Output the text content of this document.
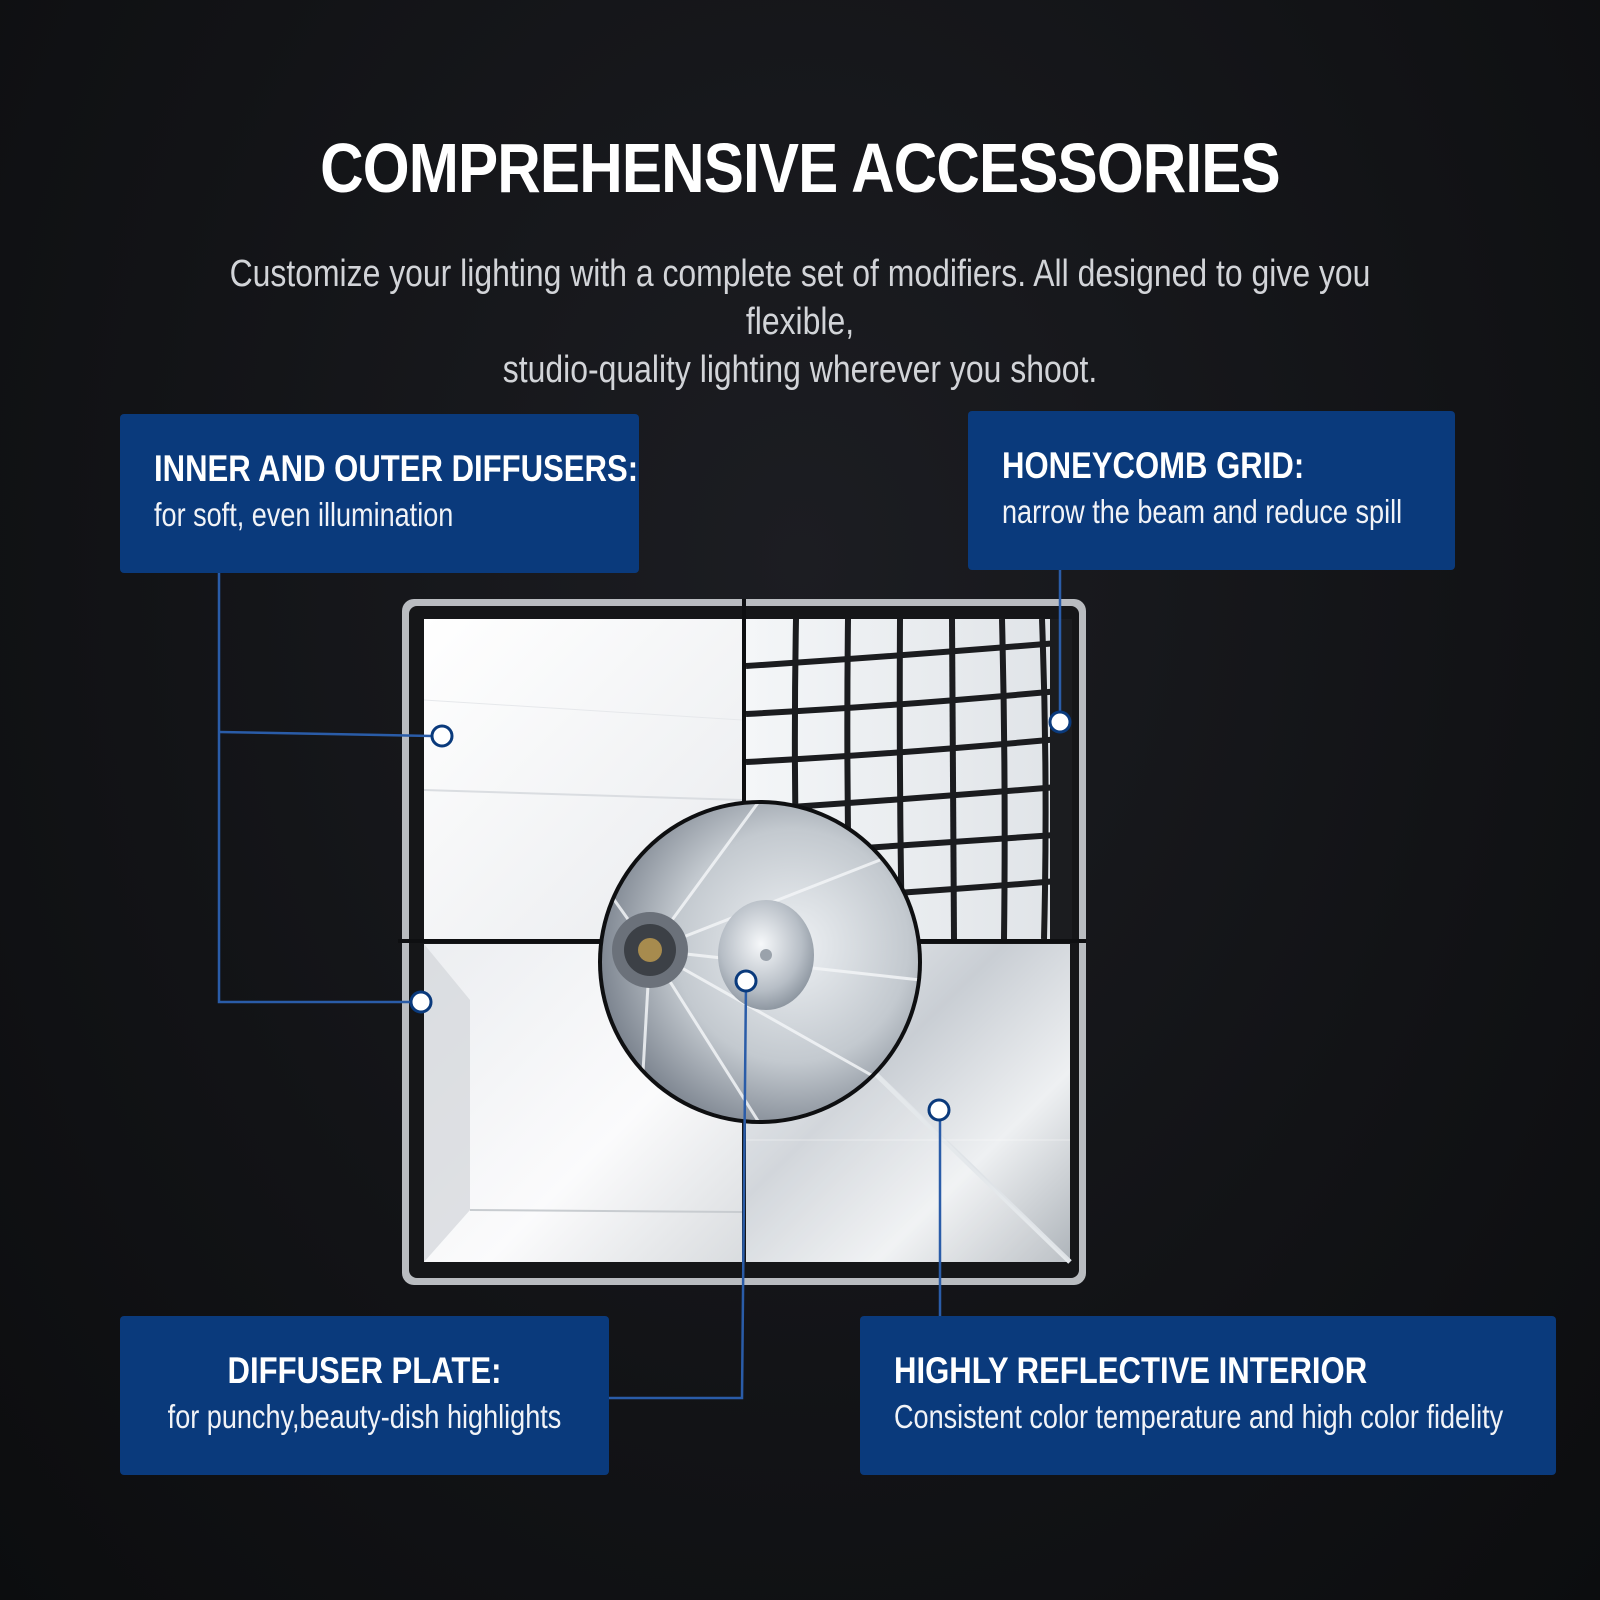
COMPREHENSIVE ACCESSORIES

Customize your lighting with a complete set of modifiers. All designed to give you flexible,
studio-quality lighting wherever you shoot.

INNER AND OUTER DIFFUSERS:
for soft, even illumination
HONEYCOMB GRID:
narrow the beam and reduce spill
DIFFUSER PLATE:
for punchy,beauty-dish highlights
HIGHLY REFLECTIVE INTERIOR
Consistent color temperature and high color fidelity
